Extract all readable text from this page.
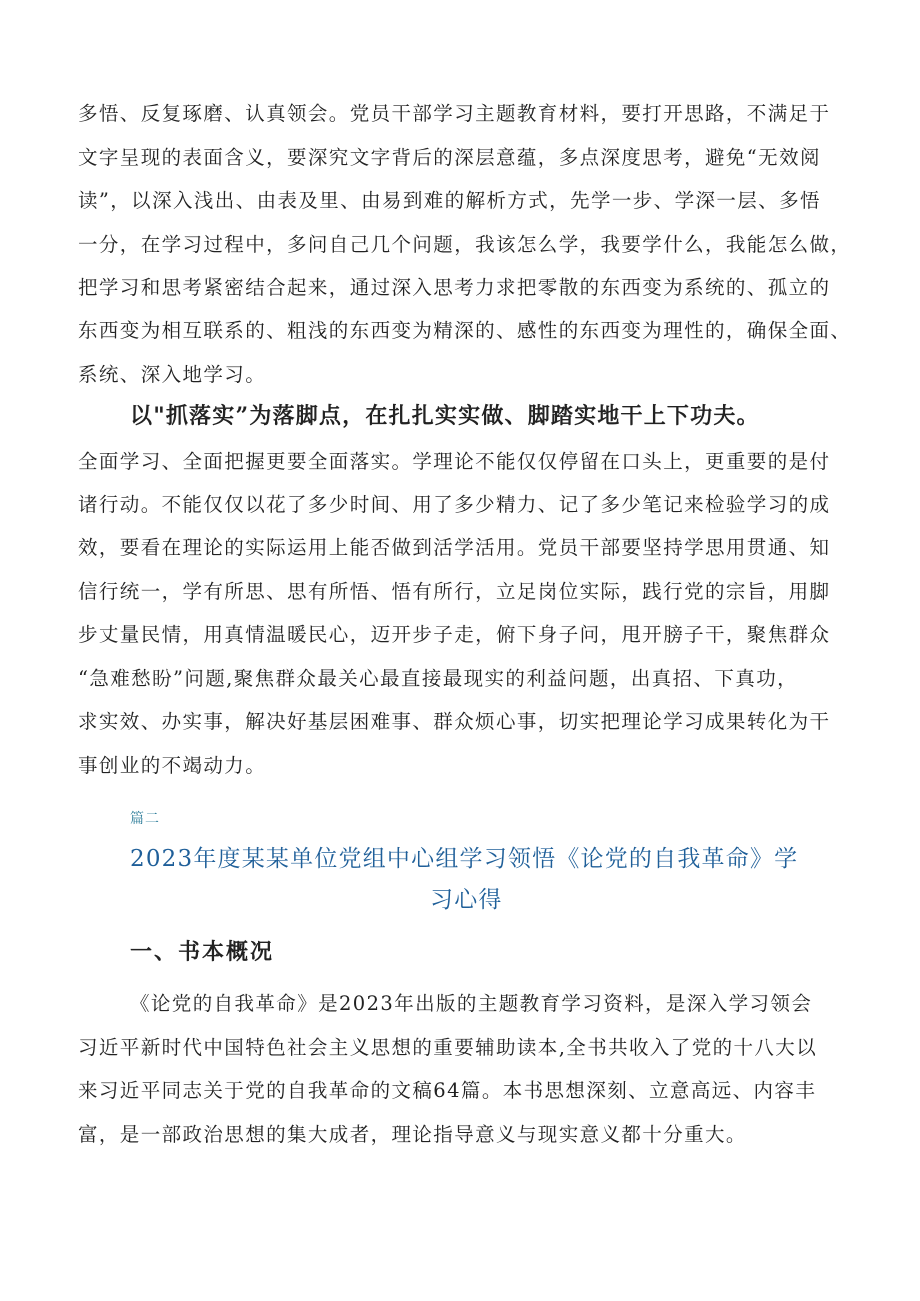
多悟、反复琢磨、认真领会。党员干部学习主题教育材料，要打开思路，不满足于
文字呈现的表面含义，要深究文字背后的深层意蕴，多点深度思考，避免“无效阅
读”，以深入浅出、由表及里、由易到难的解析方式，先学一步、学深一层、多悟
一分，在学习过程中，多问自己几个问题，我该怎么学，我要学什么，我能怎么做，
把学习和思考紧密结合起来，通过深入思考力求把零散的东西变为系统的、孤立的
东西变为相互联系的、粗浅的东西变为精深的、感性的东西变为理性的，确保全面、
系统、深入地学习。
以"抓落实”为落脚点，在扎扎实实做、脚踏实地干上下功夫。
全面学习、全面把握更要全面落实。学理论不能仅仅停留在口头上，更重要的是付
诸行动。不能仅仅以花了多少时间、用了多少精力、记了多少笔记来检验学习的成
效，要看在理论的实际运用上能否做到活学活用。党员干部要坚持学思用贯通、知
信行统一，学有所思、思有所悟、悟有所行，立足岗位实际，践行党的宗旨，用脚
步丈量民情，用真情温暖民心，迈开步子走，俯下身子问，甩开膀子干，聚焦群众
“急难愁盼”问题,聚焦群众最关心最直接最现实的利益问题，出真招、下真功，
求实效、办实事，解决好基层困难事、群众烦心事，切实把理论学习成果转化为干
事创业的不竭动力。
篇二
2023年度某某单位党组中心组学习领悟《论党的自我革命》学
习心得
一、书本概况
《论党的自我革命》是2023年出版的主题教育学习资料，是深入学习领会
习近平新时代中国特色社会主义思想的重要辅助读本,全书共收入了党的十八大以
来习近平同志关于党的自我革命的文稿64篇。本书思想深刻、立意高远、内容丰
富，是一部政治思想的集大成者，理论指导意义与现实意义都十分重大。
